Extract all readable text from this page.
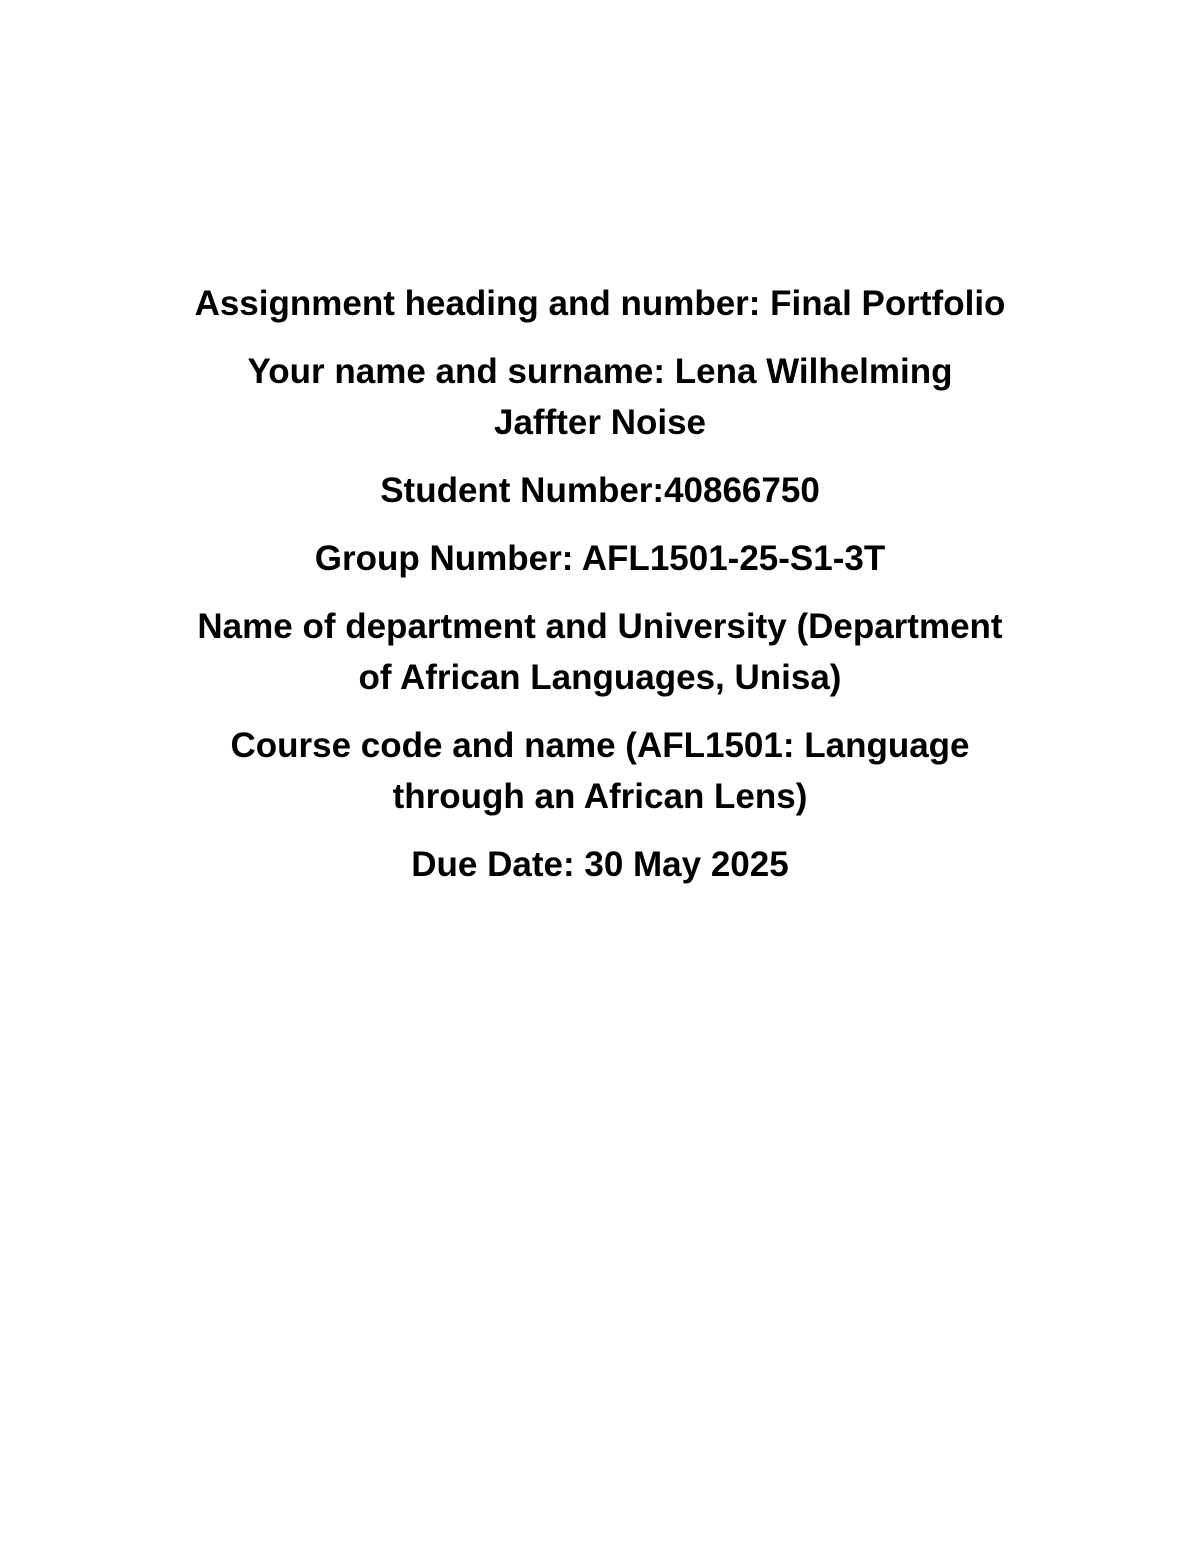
Assignment heading and number: Final Portfolio

Your name and surname: Lena Wilhelming
Jaffter Noise

Student Number:40866750

Group Number: AFL1501-25-S1-3T

Name of department and University (Department
of African Languages, Unisa)

Course code and name (AFL1501: Language
through an African Lens)

Due Date: 30 May 2025
